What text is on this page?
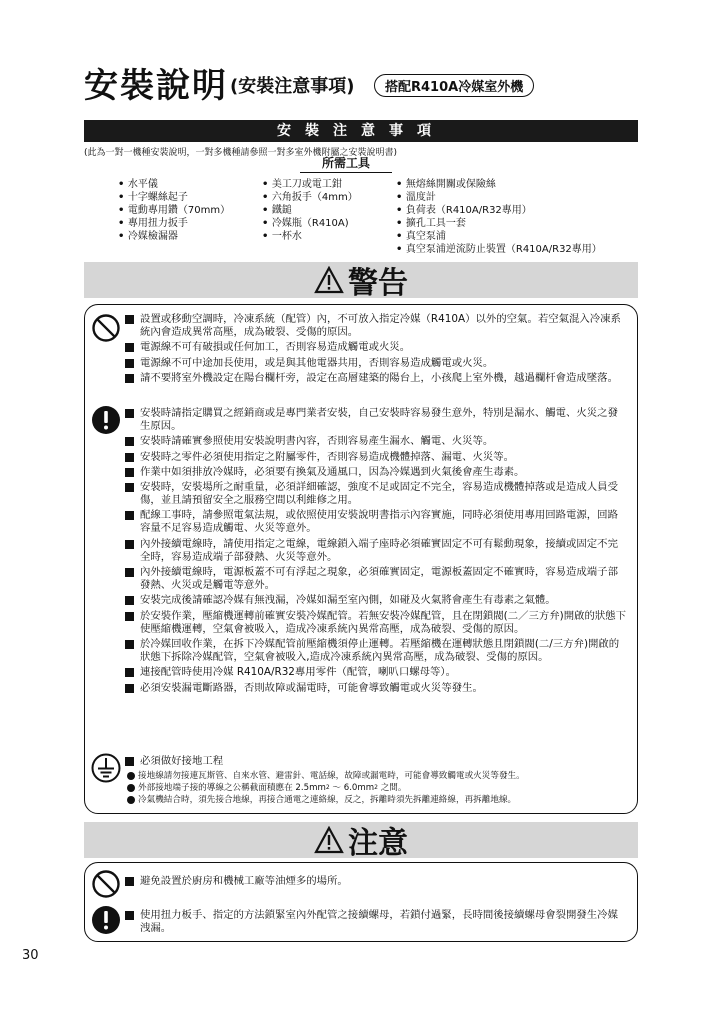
安裝說明 (安裝注意事項)	搭配R410A冷媒室外機
安裝注意事項
(此為一對一機種安裝說明，一對多機種請參照一對多室外機附屬之安裝說明書)
所需工具
• 水平儀
• 十字螺絲起子
• 電動專用鑽（70mm）
• 專用扭力扳手
• 冷媒檢漏器
• 美工刀或電工鉗
• 六角扳手（4mm）
• 鐵鎚
• 冷媒瓶（R410A)
• 一杯水
• 無熔絲開關或保險絲
• 溫度計
• 負荷表（R410A/R32專用）
• 擴孔工具一套
• 真空泵浦
• 真空泵浦逆流防止裝置（R410A/R32專用）
警告
設置或移動空調時，冷凍系統（配管）內，不可放入指定冷媒（R410A）以外的空氣。若空氣混入冷凍系統內會造成異常高壓，成為破裂、受傷的原因。
電源線不可有破損或任何加工，否則容易造成觸電或火災。
電源線不可中途加長使用，或是與其他電器共用，否則容易造成觸電或火災。
請不要將室外機設定在陽台欄杆旁，設定在高層建築的陽台上，小孩爬上室外機，越過欄杆會造成墜落。
安裝時請指定購買之經銷商或是專門業者安裝，自己安裝時容易發生意外，特別是漏水、觸電、火災之發生原因。
安裝時請確實參照使用安裝說明書內容，否則容易產生漏水、觸電、火災等。
安裝時之零件必須使用指定之附屬零件，否則容易造成機體掉落、漏電、火災等。
作業中如須排放冷媒時，必須要有換氣及通風口，因為冷媒遇到火氣後會產生毒素。
安裝時，安裝場所之耐重量，必須詳細確認，強度不足或固定不完全，容易造成機體掉落或是造成人員受傷，並且請預留安全之服務空間以利維修之用。
配線工事時，請參照電氣法規，或依照使用安裝說明書指示內容實施，同時必須使用專用回路電源，回路容量不足容易造成觸電、火災等意外。
內外接續電線時，請使用指定之電線，電線鎖入端子座時必須確實固定不可有鬆動現象，接續或固定不完全時，容易造成端子部發熱、火災等意外。
內外接續電線時，電源板蓋不可有浮起之現象，必須確實固定，電源板蓋固定不確實時，容易造成端子部發熱、火災或是觸電等意外。
安裝完成後請確認冷媒有無洩漏，冷媒如漏至室內側，如碰及火氣將會產生有毒素之氣體。
於安裝作業，壓縮機運轉前確實安裝冷媒配管。若無安裝冷媒配管，且在閉鎖閥(二／三方弁)開啟的狀態下使壓縮機運轉，空氣會被吸入，造成冷凍系統內異常高壓，成為破裂、受傷的原因。
於冷媒回收作業，在拆下冷媒配管前壓縮機須停止運轉。若壓縮機在運轉狀態且閉鎖閥(二/三方弁)開啟的狀態下拆除冷媒配管，空氣會被吸入,造成冷凍系統內異常高壓，成為破裂、受傷的原因。
連接配管時使用冷媒 R410A/R32專用零件（配管，喇叭口螺母等）。
必須安裝漏電斷路器，否則故障或漏電時，可能會導致觸電或火災等發生。
必須做好接地工程
接地線請勿接連瓦斯管、自來水管、避雷針、電話線，故障或漏電時，可能會導致觸電或火災等發生。
外部接地端子接的導線之公稱截面積應在 $2.5mm^2$ ～ $6.0mm^2$ 之間。
冷氣機結合時，須先接合地線，再接合通電之連絡線，反之，拆離時須先拆離連絡線，再拆離地線。
注意
避免設置於廚房和機械工廠等油煙多的場所。
使用扭力板手、指定的方法鎖緊室內外配管之接續螺母，若鎖付過緊，長時間後接續螺母會裂開發生冷媒洩漏。
30
